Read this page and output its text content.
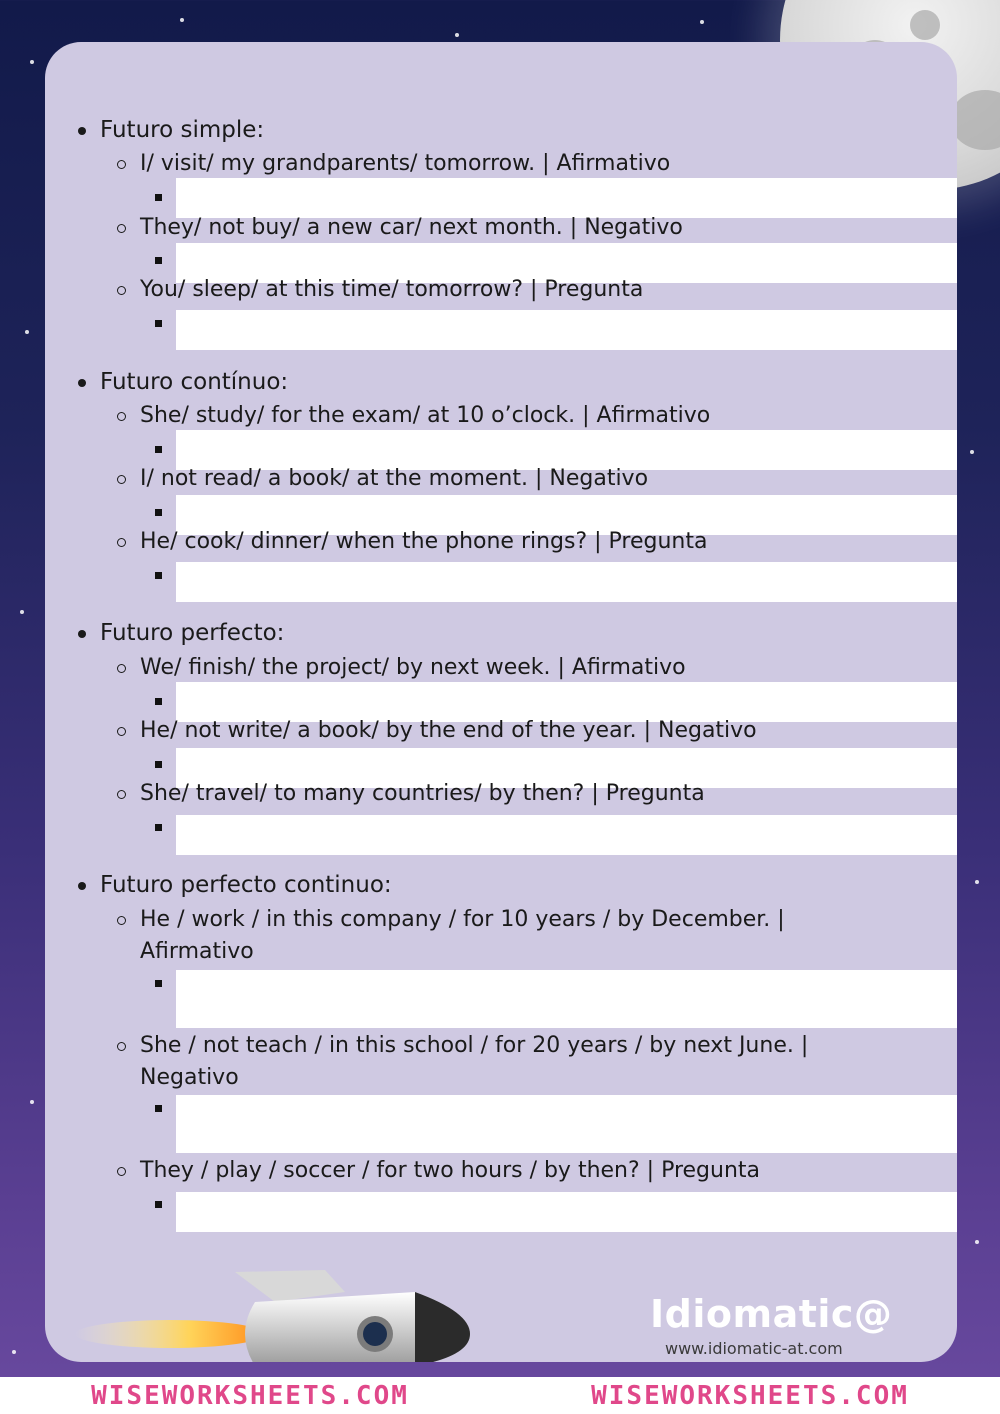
Futuro simple:
I/ visit/ my grandparents/ tomorrow. | Afirmativo
They/ not buy/ a new car/ next month. | Negativo
You/ sleep/ at this time/ tomorrow? | Pregunta
Futuro contínuo:
She/ study/ for the exam/ at 10 o’clock. | Afirmativo
I/ not read/ a book/ at the moment. | Negativo
He/ cook/ dinner/ when the phone rings? | Pregunta
Futuro perfecto:
We/ finish/ the project/ by next week. | Afirmativo
He/ not write/ a book/ by the end of the year. | Negativo
She/ travel/ to many countries/ by then? | Pregunta
Futuro perfecto continuo:
He / work / in this company / for 10 years / by December. | Afirmativo
She / not teach / in this school / for 20 years / by next June. | Negativo
They / play / soccer / for two hours / by then? | Pregunta
Idiomatic@
www.idiomatic-at.com
WISEWORKSHEETS.COM	WISEWORKSHEETS.COM
